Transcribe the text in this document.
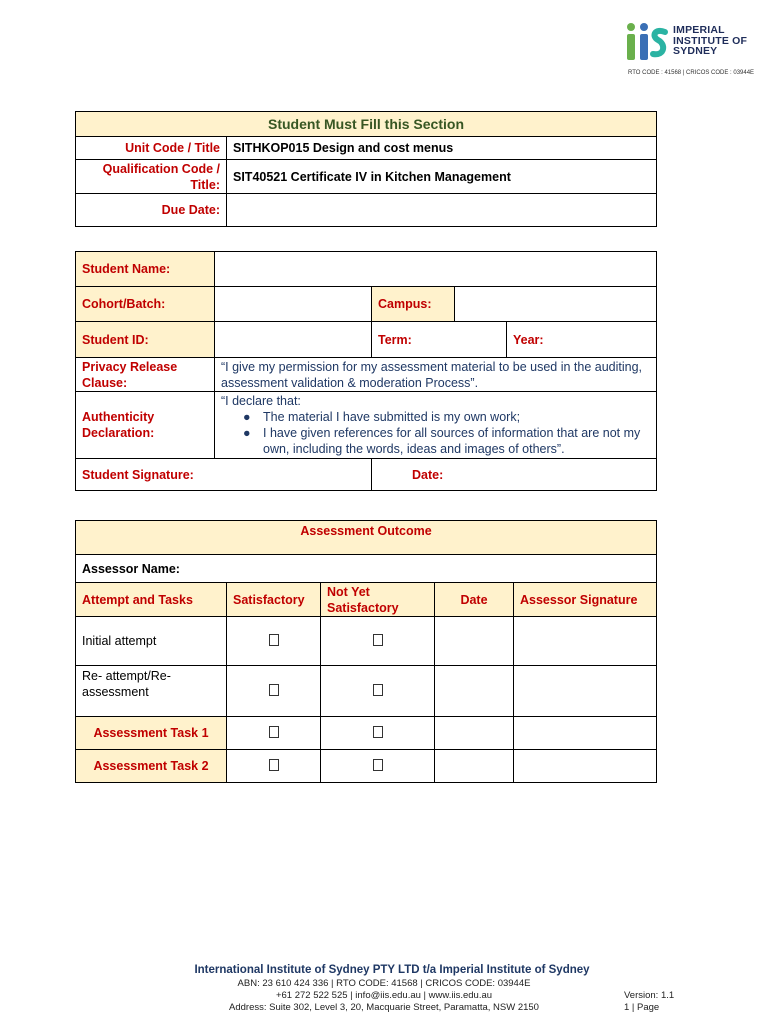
IMPERIAL
INSTITUTE OF
SYDNEY
RTO CODE : 41568 | CRICOS CODE : 03944E
Student Must Fill this Section	
Unit Code / Title	SITHKOP015 Design and cost menus
Qualification Code / Title:	SIT40521 Certificate IV in Kitchen Management
Due Date:	
Student Name:				
Cohort/Batch:		Campus:		
Student ID:		Term:		Year:
Privacy Release Clause:	“I give my permission for my assessment material to be used in the auditing, assessment validation & moderation Process”.			
Authenticity Declaration:	“I declare that:
● The material I have submitted is my own work;
● I have given references for all sources of information that are not my own, including the words, ideas and images of others”.			

Student Signature:		Date:		
Assessment Outcome				
Assessor Name:				
Attempt and Tasks	Satisfactory	Not Yet Satisfactory	Date	Assessor Signature
Initial attempt				
Re- attempt/Re-assessment				
Assessment Task 1				
Assessment Task 2				
International Institute of Sydney PTY LTD t/a Imperial Institute of Sydney
ABN: 23 610 424 336 | RTO CODE: 41568 | CRICOS CODE: 03944E
+61 272 522 525 | info@iis.edu.au | www.iis.edu.au
Address: Suite 302, Level 3, 20, Macquarie Street, Paramatta, NSW 2150
Version: 1.1
1 | Page
